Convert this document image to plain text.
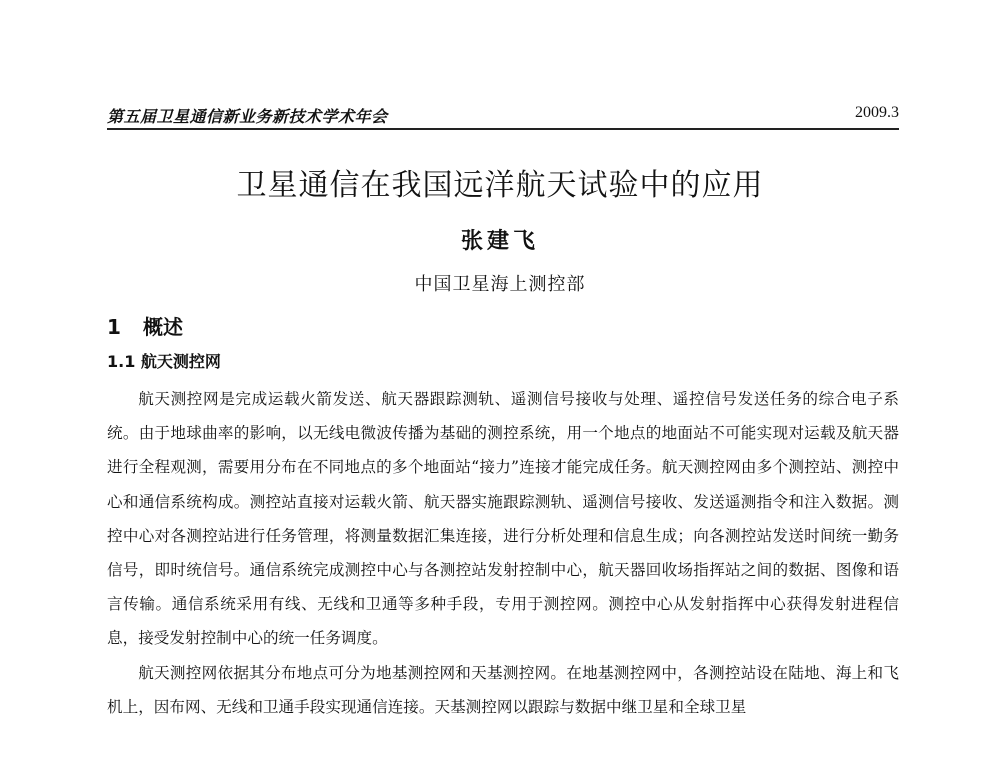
第五届卫星通信新业务新技术学术年会	2009.3
卫星通信在我国远洋航天试验中的应用
张建飞
中国卫星海上测控部
1 概述
1.1 航天测控网

航天测控网是完成运载火箭发送、航天器跟踪测轨、遥测信号接收与处理、遥控信号发送任务的综合电子系统。由于地球曲率的影响，以无线电微波传播为基础的测控系统，用一个地点的地面站不可能实现对运载及航天器进行全程观测，需要用分布在不同地点的多个地面站“接力”连接才能完成任务。航天测控网由多个测控站、测控中心和通信系统构成。测控站直接对运载火箭、航天器实施跟踪测轨、遥测信号接收、发送遥测指令和注入数据。测控中心对各测控站进行任务管理，将测量数据汇集连接，进行分析处理和信息生成；向各测控站发送时间统一勤务信号，即时统信号。通信系统完成测控中心与各测控站发射控制中心，航天器回收场指挥站之间的数据、图像和语言传输。通信系统采用有线、无线和卫通等多种手段，专用于测控网。测控中心从发射指挥中心获得发射进程信息，接受发射控制中心的统一任务调度。

航天测控网依据其分布地点可分为地基测控网和天基测控网。在地基测控网中，各测控站设在陆地、海上和飞机上，因布网、无线和卫通手段实现通信连接。天基测控网以跟踪与数据中继卫星和全球卫星
